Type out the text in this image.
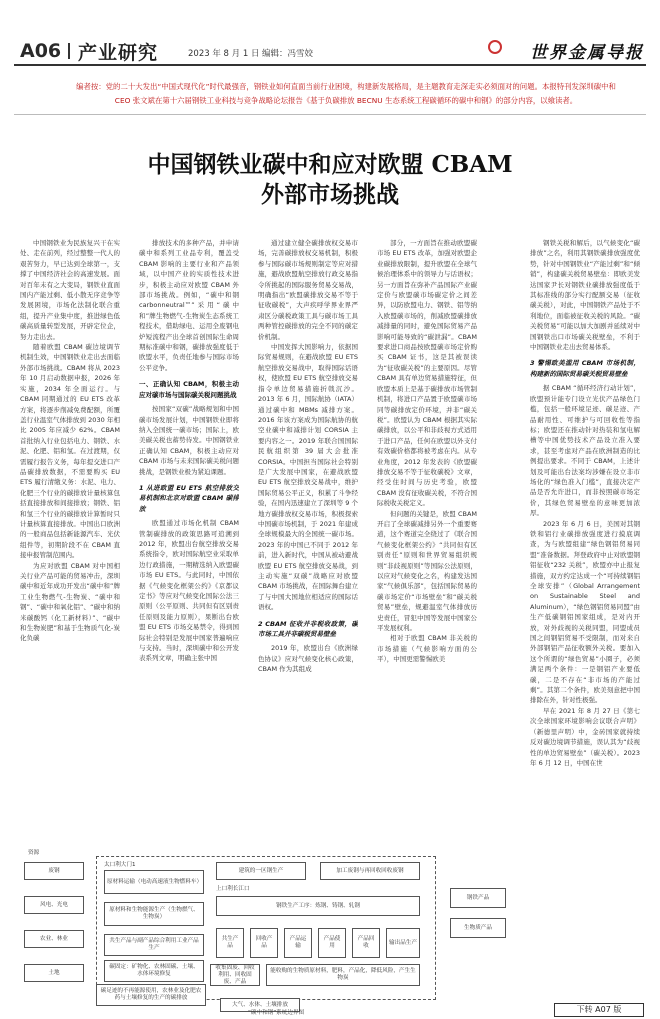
A06 产业研究	2023 年 8 月 1 日 编辑：冯雪姣	世界金属导报
编者按：党的二十大发出“中国式现代化”时代最强音，钢铁业如何直面当前行业困境，构建新发展格局，是主题教育走深走实必须面对的问题。本报特刊发深圳碳中和 CEO 张文斌在第十六届钢铁工业科技与竞争战略论坛报告《基于负碳排放 BECNU 生态系统工程碳循环的碳中和钢》的部分内容，以飨读者。
中国钢铁业碳中和应对欧盟 CBAM
外部市场挑战

中国钢铁业为民族复兴干在实处、走在前列，经过整整一代人的艰苦努力，早已达到全球第一，支撑了中国经济社会的高速发展。面对百年未有之大变局，钢铁业直面国内产能过剩、低小散无序竞争等发展困境，市场化法制化联合重组，提升产业集中度，推进绿色低碳高质量转型发展，开辟定位企，努力走出去。

随着欧盟 CBAM 碳边境调节机制生效，中国钢铁业走出去面临外部市场挑战。CBAM 将从 2023 年 10 月启动数据申报，2026 年实施，2034 年全面运行。与 CBAM 同期通过的 EU ETS 改革方案，将逐步削减免费配额，所覆盖行业温室气体排放到 2030 年相比 2005 年应减少 62%。CBAM 首批纳入行业包括电力、钢铁、水泥、化肥、铝和氢。在过渡期，仅需履行报告义务，每年提交进口产品碳排放数据，不需要购买 EU ETS 履行清缴义务：水泥、电力、化肥三个行业的碳排放计量核算包括直接排放和间接排放；钢铁、铝和氢三个行业的碳排放计算暂时只计量核算直接排放。中国出口欧洲的一般商品包括新能源汽车、光伏组件等，初期阶段不在 CBAM 直接申报管制范围内。

为应对欧盟 CBAM 对中国相关行业产品可能的贸易冲击，深圳碳中和近年成功开发出“碳中和”牌工业生物燃气-生物炭、“碳中和钢”、“碳中和氧化铝”、“碳中和纳米碳酸钙（化工新材料）”、“碳中和生物炭肥”和基于生物质气化-炭化负碳

排放技术的多种产品，并申请碳中和系列工业品专利，覆盖受 CBAM 影响的主要行业和产品领域，以中国产业的实质性技术进步，积极主动应对欧盟 CBAM 外部市场挑战。例如，“碳中和钢 carbonneutral™”采用“碳中和”牌生物燃气-生物炭生态系统工程技术，借助绿电、运用全废钢电炉短流程产出全球首创国际生命周期标准碳中和钢，碳排放强度低于欧盟水平，负责任地参与国际市场公平竞争。

一、正确认知 CBAM，积极主动应对碳市场与国际碳关税问题挑战

按国家“双碳”战略规划和中国碳市场发展计划，中国钢铁业即将纳入全国统一碳市场；国际上，欧美碳关税也蓄势待发。中国钢铁业正确认知 CBAM，积极主动应对 CBAM 市场与未来国际碳关税问题挑战，是钢铁业极为紧迫课题。

1 从进欧盟 EU ETS 航空排放交易机制和北京对欧盟 CBAM 碳排放

欧盟通过市场化机制 CBAM 管制碳排放的政策思路可追溯到 2012 年，欧盟出台航空排放交易系统指令，欧对国际航空业采取单边行政措施，一期精选纳入欧盟碳市场 EU ETS。与此同时，中国依据《气候变化框架公约》《京都议定书》等应对气候变化国际公法三原则（公平原则、共同但有区别责任原则及能力原则），果断出台欧盟 EU ETS 市场交易禁令，得到国际社会特别是发展中国家普遍响应与支持。当时，深圳碳中和公开发表系列文章，明确主张中国

通过建立健全碳排放权交易市场，完善碳排放权交易机制，积极参与国际碳市场规则制定等应对措施，避战欧盟航空排放行政交易指令所挑起的国际服务贸易交易战，明确指出“欧盟碳排放交易不等于征收碳税”，大声疾呼学界业界严肃区分碳税政策工具与碳市场工具两种管控碳排放的完全不同的碳定价机制。

中国发挥大国影响力，依据国际贸易规则，在避战欧盟 EU ETS 航空排放交易战中，取得国际话语权，使欧盟 EU ETS 航空排放交易指令单边贸易措施折戟沉沙。2013 年 6 月，国际航协（IATA）通过碳中和 MBMs 减排方案。2016 年该方案成为国际航协的航空业碳中和减排计划 CORSIA 主要内容之一。2019 年联合国国际民航组织第 39 届大会批准 CORSIA。中国担当国际社会特别是广大发展中国家，在避战欧盟 EU ETS 航空排放交易战中，维护国际贸易公平正义，积累了斗争经验，在国内迅速建立了深圳等 9 个地方碳排放权交易市场，积极探索中国碳市场机制，于 2021 年建成全球规模最大的全国统一碳市场。2023 年的中国已不同于 2012 年前，进入新时代，中国从被动避战欧盟 EU ETS 航空排放交易战，到主动实施“双碳”战略应对欧盟 CBAM 市场挑战，在国际舞台建立了与中国大国地位相适应的国际话语权。

2 CBAM 征收并非税收政策，碳市场工具并非碳税贸易壁垒

2019 年，欧盟出台《欧洲绿色协议》应对气候变化核心政策，CBAM 作为其组成

部分，一方面旨在推动欧盟碳市场 EU ETS 改革，加强对欧盟企业碳排放限制，提升欧盟在全球气候治理体系中的领导力与话语权；另一方面旨在弥补产品国际产业碳定价与欧盟碳市场碳定价之间差异，以防欧盟电力、钢铁、铝等纳入欧盟碳市场的，削减欧盟碳排放减排量的同时，避免国际贸易产品影响可能导致的“碳泄漏”。CBAM 要求进口商品按欧盟碳市场定价购买 CBAM 证书，这是其被误读为“征收碳关税”的主要原因。尽管 CBAM 具有单边贸易措施特征，但欧盟本质上是基于碳排放市场管制机制，将进口产品置于欧盟碳市场同等碳排放定价环境，并非“碳关税”。欧盟认为 CBAM 根据其实际碳排放，以公平和非歧视方式适用于进口产品，任何在欧盟以外支付有效碳价格都将被考虑在内。从专业角度，2012 年发表的《欧盟碳排放交易不等于征收碳税》文章，经受住时间与历史考验，欧盟 CBAM 没有征收碳关税，不符合国际税收关税定义。

但问题的关键是，欧盟 CBAM 开启了全球碳减排另外一个重要赛道，这个赛道完全绕过了《联合国气候变化框架公约》“共同但有区别责任”原则和世界贸易组织规则“非歧视原则”等国际公法原则，以应对气候变化之名，构建发达国家“气候俱乐部”，包括国际贸易的碳市场定价“市场壁垒”和“碳关税贸易”壁垒，规避温室气体排放历史责任，冒犯中国等发展中国家公平发展权利。

相对于欧盟 CBAM 非关税的市场措施（气候影响方面的公平），中国更需警惕欧美

钢铁关税和解后，以气候变化“碳排放”之名，利用其钢铁碳排放强度优势，针对中国钢铁业“产能过剩”和“倾销”，构建碳关税贸易壁垒：即欧美发达国家尹长对钢铁业碳排放强度低于其标准线的部分实行配额交易（征收碳关税），对此，中国钢铁产品处于不利地位，面临被征收关税的风险。“碳关税贸易”可能以加大加剧并延续对中国钢铁出口市场碳关税壁垒，不利于中国钢铁业走出去贸易体系。

3 警惕欧美滥用 CBAM 市场机制，构建新的国际贸易碳关税贸易壁垒

据 CBAM “循环经济行动计划”，欧盟预计能专门设立光伏产品绿色门槛，包括一般环境足迹、碳足迹、产品耐用性、可维护与可回收性等指标；欧盟还在推动针对热装和氢电解槽等中国优势技术产品设立准入要求，甚至考虑对产品在欧洲制造的比例提出要求。不同于 CBAM，上述计划及可能出台法案均涉嫌在设立非市场化的“绿色准入门槛”，直接决定产品是否允许进口，而非按照碳市场定价，其绿色贸易壁垒的意味更加浓厚。

2023 年 6 月 6 日，美国对其钢铁和铝行业碳排放强度进行摸底调查，为与欧盟组建“绿色钢铝贸易同盟”准备数据。拜登政府中止对欧盟钢铝征收“232 关税”，欧盟亦中止报复措施，双方约定达成一个“可持续钢铝全球安排”（Global Arrangement on Sustainable Steel and Aluminum），“绿色钢铝贸易同盟”由生产低碳钢铝国家组成，是对内开放，对外歧视的关税同盟，同盟成员国之间钢铝贸易不受限制，而对来自外部钢铝产品征收额外关税。要加入这个所谓的“绿色贸易”小圈子，必须满足两个条件：一是钢铝产业要低碳，二是不存在“非市场的产能过剩”。其第二个条件，欧美刻意把中国排除在外，针对性极强。

早在 2021 年 8 月 27 日《第七次全球国家环境影响会议联合声明》（新德里声明）中，金砖国家就持续反对碳边境调节措施，误认其为“歧视性的单边贸易壁垒”（碳关税）。2023 年 6 月 12 日，中国在世

资源
废钢
风电、光电
农业、林业
土地
太口利大门1
上口利长江口
原材料运输（电动高速液生物燃料车）
原材料和生物能源生产（生物燃气、生物炭）
共生产品与副产品综合利用工业产品生产
碳固定：矿物化、农林固碳、土壤、水体环境修复
建筑的一区钢生产	加工废钢与再回收回收废钢
钢铁生产工序：炼钢、铸钢、轧钢
共生产品
回收产品
产品运输
产品使用
产品回收
输出品生产
收集固废、回收利用、回收固废、产品
能收购的生物质原材料，肥料，产品化，降低风险，产生生物炭
钢铁产品
生物质产品
碳足迹的不再能源使用，农林业及化肥农药与土壤修复的生产的碳排放
大气、水体、土壤排放
“碳中和钢”系统边界图	下转 A07 版
